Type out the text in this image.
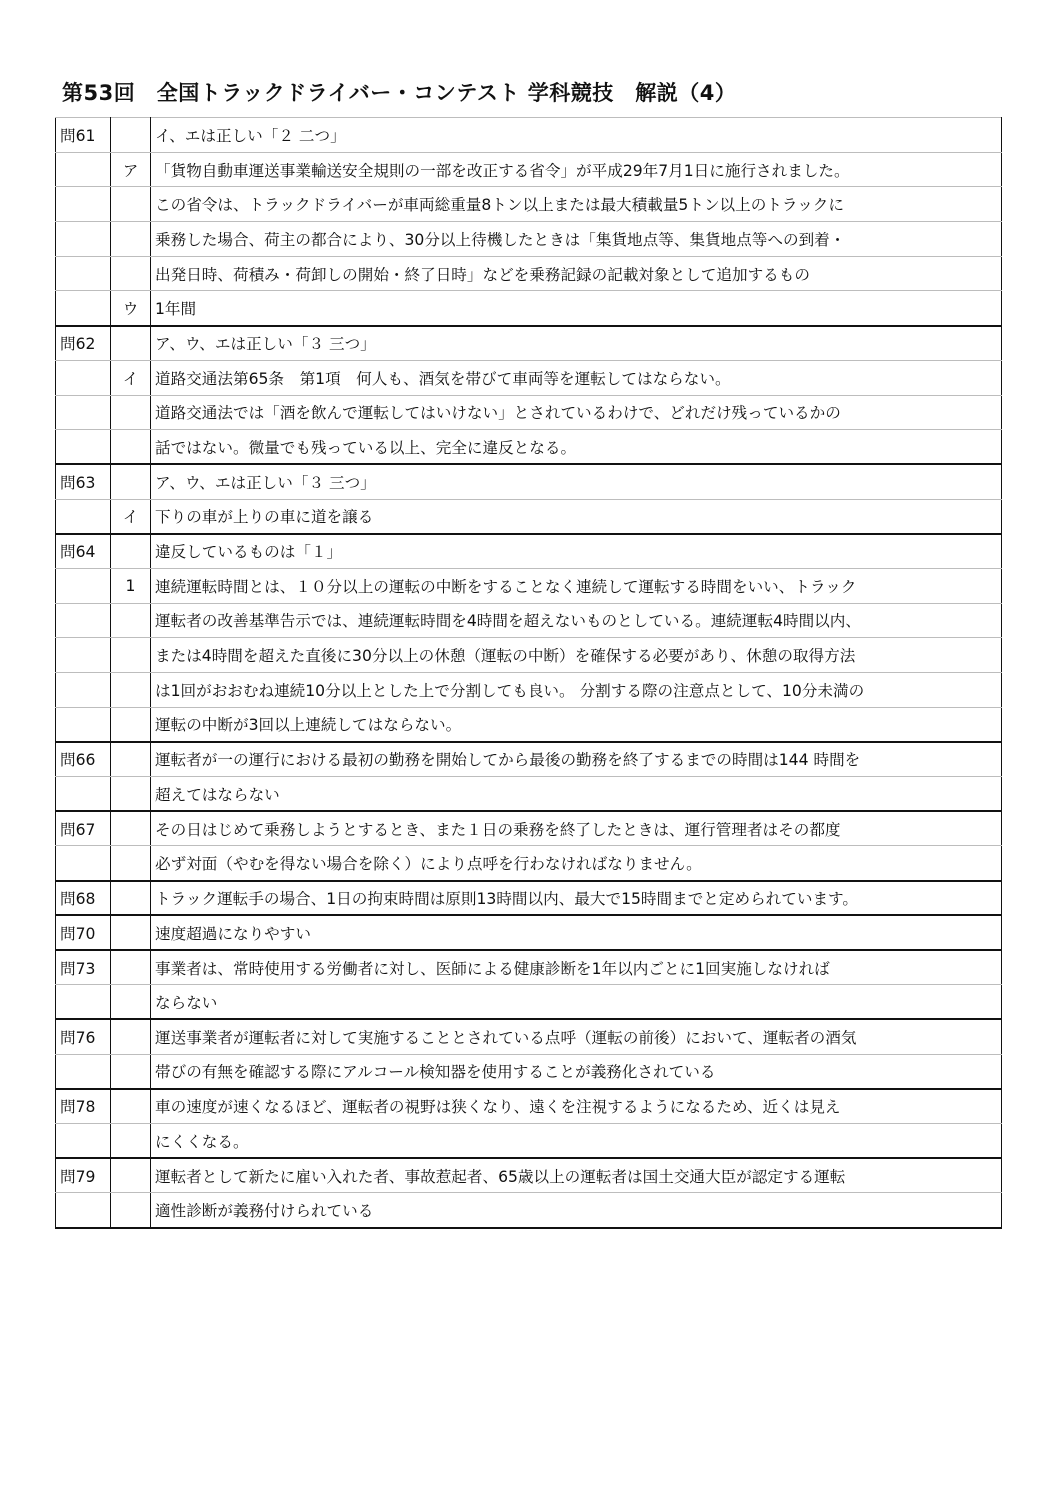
第53回　全国トラックドライバー・コンテスト 学科競技　解説（4）
問61		イ、エは正しい「２ 二つ」
	ア	「貨物自動車運送事業輸送安全規則の一部を改正する省令」が平成29年7月1日に施行されました。
		この省令は、トラックドライバーが車両総重量8トン以上または最大積載量5トン以上のトラックに
		乗務した場合、荷主の都合により、30分以上待機したときは「集貨地点等、集貨地点等への到着・
		出発日時、荷積み・荷卸しの開始・終了日時」などを乗務記録の記載対象として追加するもの
	ウ	1年間
問62		ア、ウ、エは正しい「３ 三つ」
	イ	道路交通法第65条　第1項　何人も、酒気を帯びて車両等を運転してはならない。
		道路交通法では「酒を飲んで運転してはいけない」とされているわけで、どれだけ残っているかの
		話ではない。微量でも残っている以上、完全に違反となる。
問63		ア、ウ、エは正しい「３ 三つ」
	イ	下りの車が上りの車に道を譲る
問64		違反しているものは「１」
	1	連続運転時間とは、１０分以上の運転の中断をすることなく連続して運転する時間をいい、トラック
		運転者の改善基準告示では、連続運転時間を4時間を超えないものとしている。連続運転4時間以内、
		または4時間を超えた直後に30分以上の休憩（運転の中断）を確保する必要があり、休憩の取得方法
		は1回がおおむね連続10分以上とした上で分割しても良い。 分割する際の注意点として、10分未満の
		運転の中断が3回以上連続してはならない。
問66		運転者が一の運行における最初の勤務を開始してから最後の勤務を終了するまでの時間は144 時間を
		超えてはならない
問67		その日はじめて乗務しようとするとき、また１日の乗務を終了したときは、運行管理者はその都度
		必ず対面（やむを得ない場合を除く）により点呼を行わなければなりません。
問68		トラック運転手の場合、1日の拘束時間は原則13時間以内、最大で15時間までと定められています。
問70		速度超過になりやすい
問73		事業者は、常時使用する労働者に対し、医師による健康診断を1年以内ごとに1回実施しなければ
		ならない
問76		運送事業者が運転者に対して実施することとされている点呼（運転の前後）において、運転者の酒気
		帯びの有無を確認する際にアルコール検知器を使用することが義務化されている
問78		車の速度が速くなるほど、運転者の視野は狭くなり、遠くを注視するようになるため、近くは見え
		にくくなる。
問79		運転者として新たに雇い入れた者、事故惹起者、65歳以上の運転者は国土交通大臣が認定する運転
		適性診断が義務付けられている
